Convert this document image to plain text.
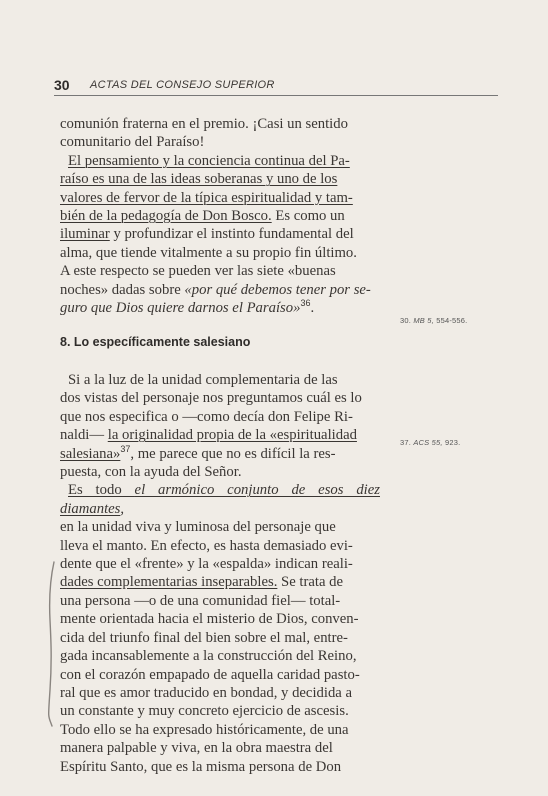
30 ACTAS DEL CONSEJO SUPERIOR

comunión fraterna en el premio. ¡Casi un sentido
comunitario del Paraíso!

El pensamiento y la conciencia continua del Pa-
raíso es una de las ideas soberanas y uno de los
valores de fervor de la típica espiritualidad y tam-
bién de la pedagogía de Don Bosco. Es como un
iluminar y profundizar el instinto fundamental del
alma, que tiende vitalmente a su propio fin último.
A este respecto se pueden ver las siete «buenas
noches» dadas sobre «por qué debemos tener por se-
guro que Dios quiere darnos el Paraíso»$^{36}$.

30. MB 5, 554-556.
8. Lo específicamente salesiano

Si a la luz de la unidad complementaria de las
dos vistas del personaje nos preguntamos cuál es lo
que nos especifica o —como decía don Felipe Ri-
naldi— la originalidad propia de la «espiritualidad
salesiana»$^{37}$, me parece que no es difícil la res-
puesta, con la ayuda del Señor.

Es todo el armónico conjunto de esos diez diamantes,
en la unidad viva y luminosa del personaje que
lleva el manto. En efecto, es hasta demasiado evi-
dente que el «frente» y la «espalda» indican reali-
dades complementarias inseparables. Se trata de
una persona —o de una comunidad fiel— total-
mente orientada hacia el misterio de Dios, conven-
cida del triunfo final del bien sobre el mal, entre-
gada incansablemente a la construcción del Reino,
con el corazón empapado de aquella caridad pasto-
ral que es amor traducido en bondad, y decidida a
un constante y muy concreto ejercicio de ascesis.
Todo ello se ha expresado históricamente, de una
manera palpable y viva, en la obra maestra del
Espíritu Santo, que es la misma persona de Don

37. ACS 55, 923.
